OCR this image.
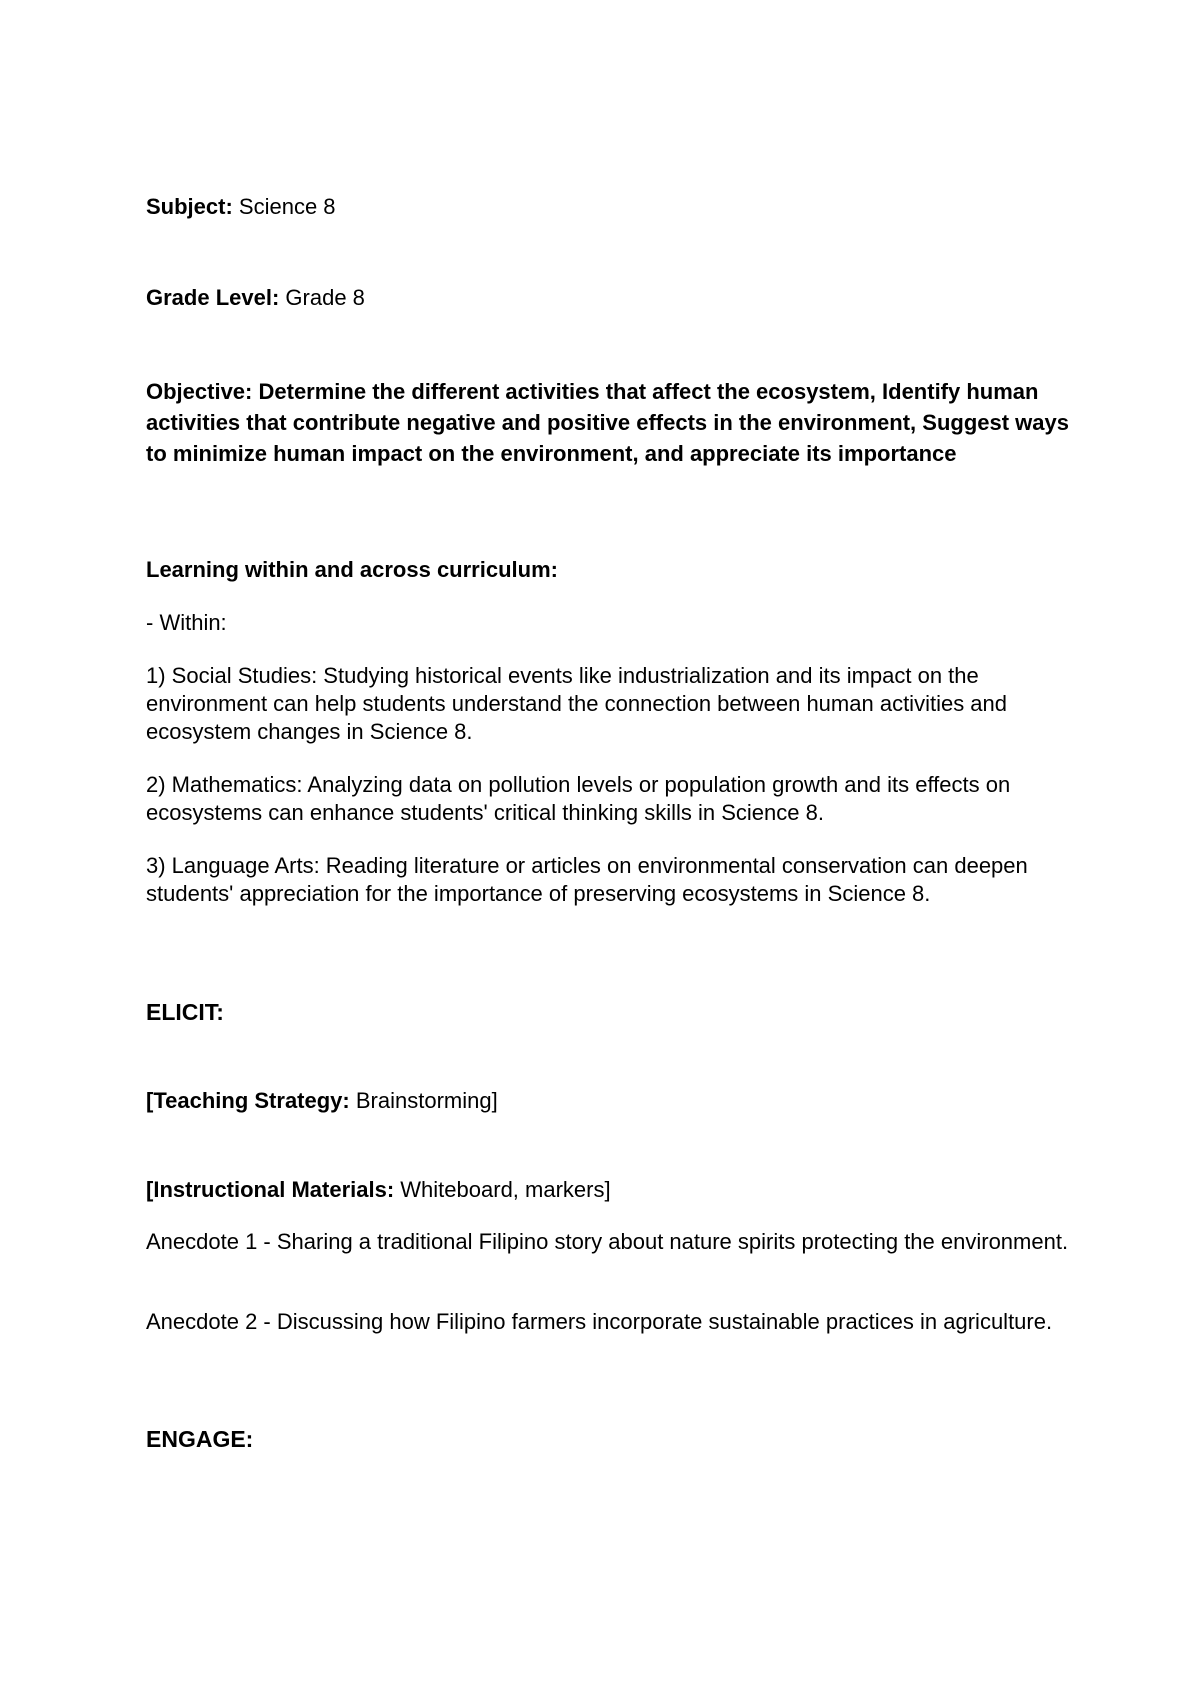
Subject: Science 8

Grade Level: Grade 8

Objective: Determine the different activities that affect the ecosystem, Identify human activities that contribute negative and positive effects in the environment, Suggest ways to minimize human impact on the environment, and appreciate its importance

Learning within and across curriculum:

- Within:

1) Social Studies: Studying historical events like industrialization and its impact on the environment can help students understand the connection between human activities and ecosystem changes in Science 8.

2) Mathematics: Analyzing data on pollution levels or population growth and its effects on ecosystems can enhance students' critical thinking skills in Science 8.

3) Language Arts: Reading literature or articles on environmental conservation can deepen students' appreciation for the importance of preserving ecosystems in Science 8.

ELICIT:

[Teaching Strategy: Brainstorming]

[Instructional Materials: Whiteboard, markers]

Anecdote 1 - Sharing a traditional Filipino story about nature spirits protecting the environment.

Anecdote 2 - Discussing how Filipino farmers incorporate sustainable practices in agriculture.

ENGAGE:
